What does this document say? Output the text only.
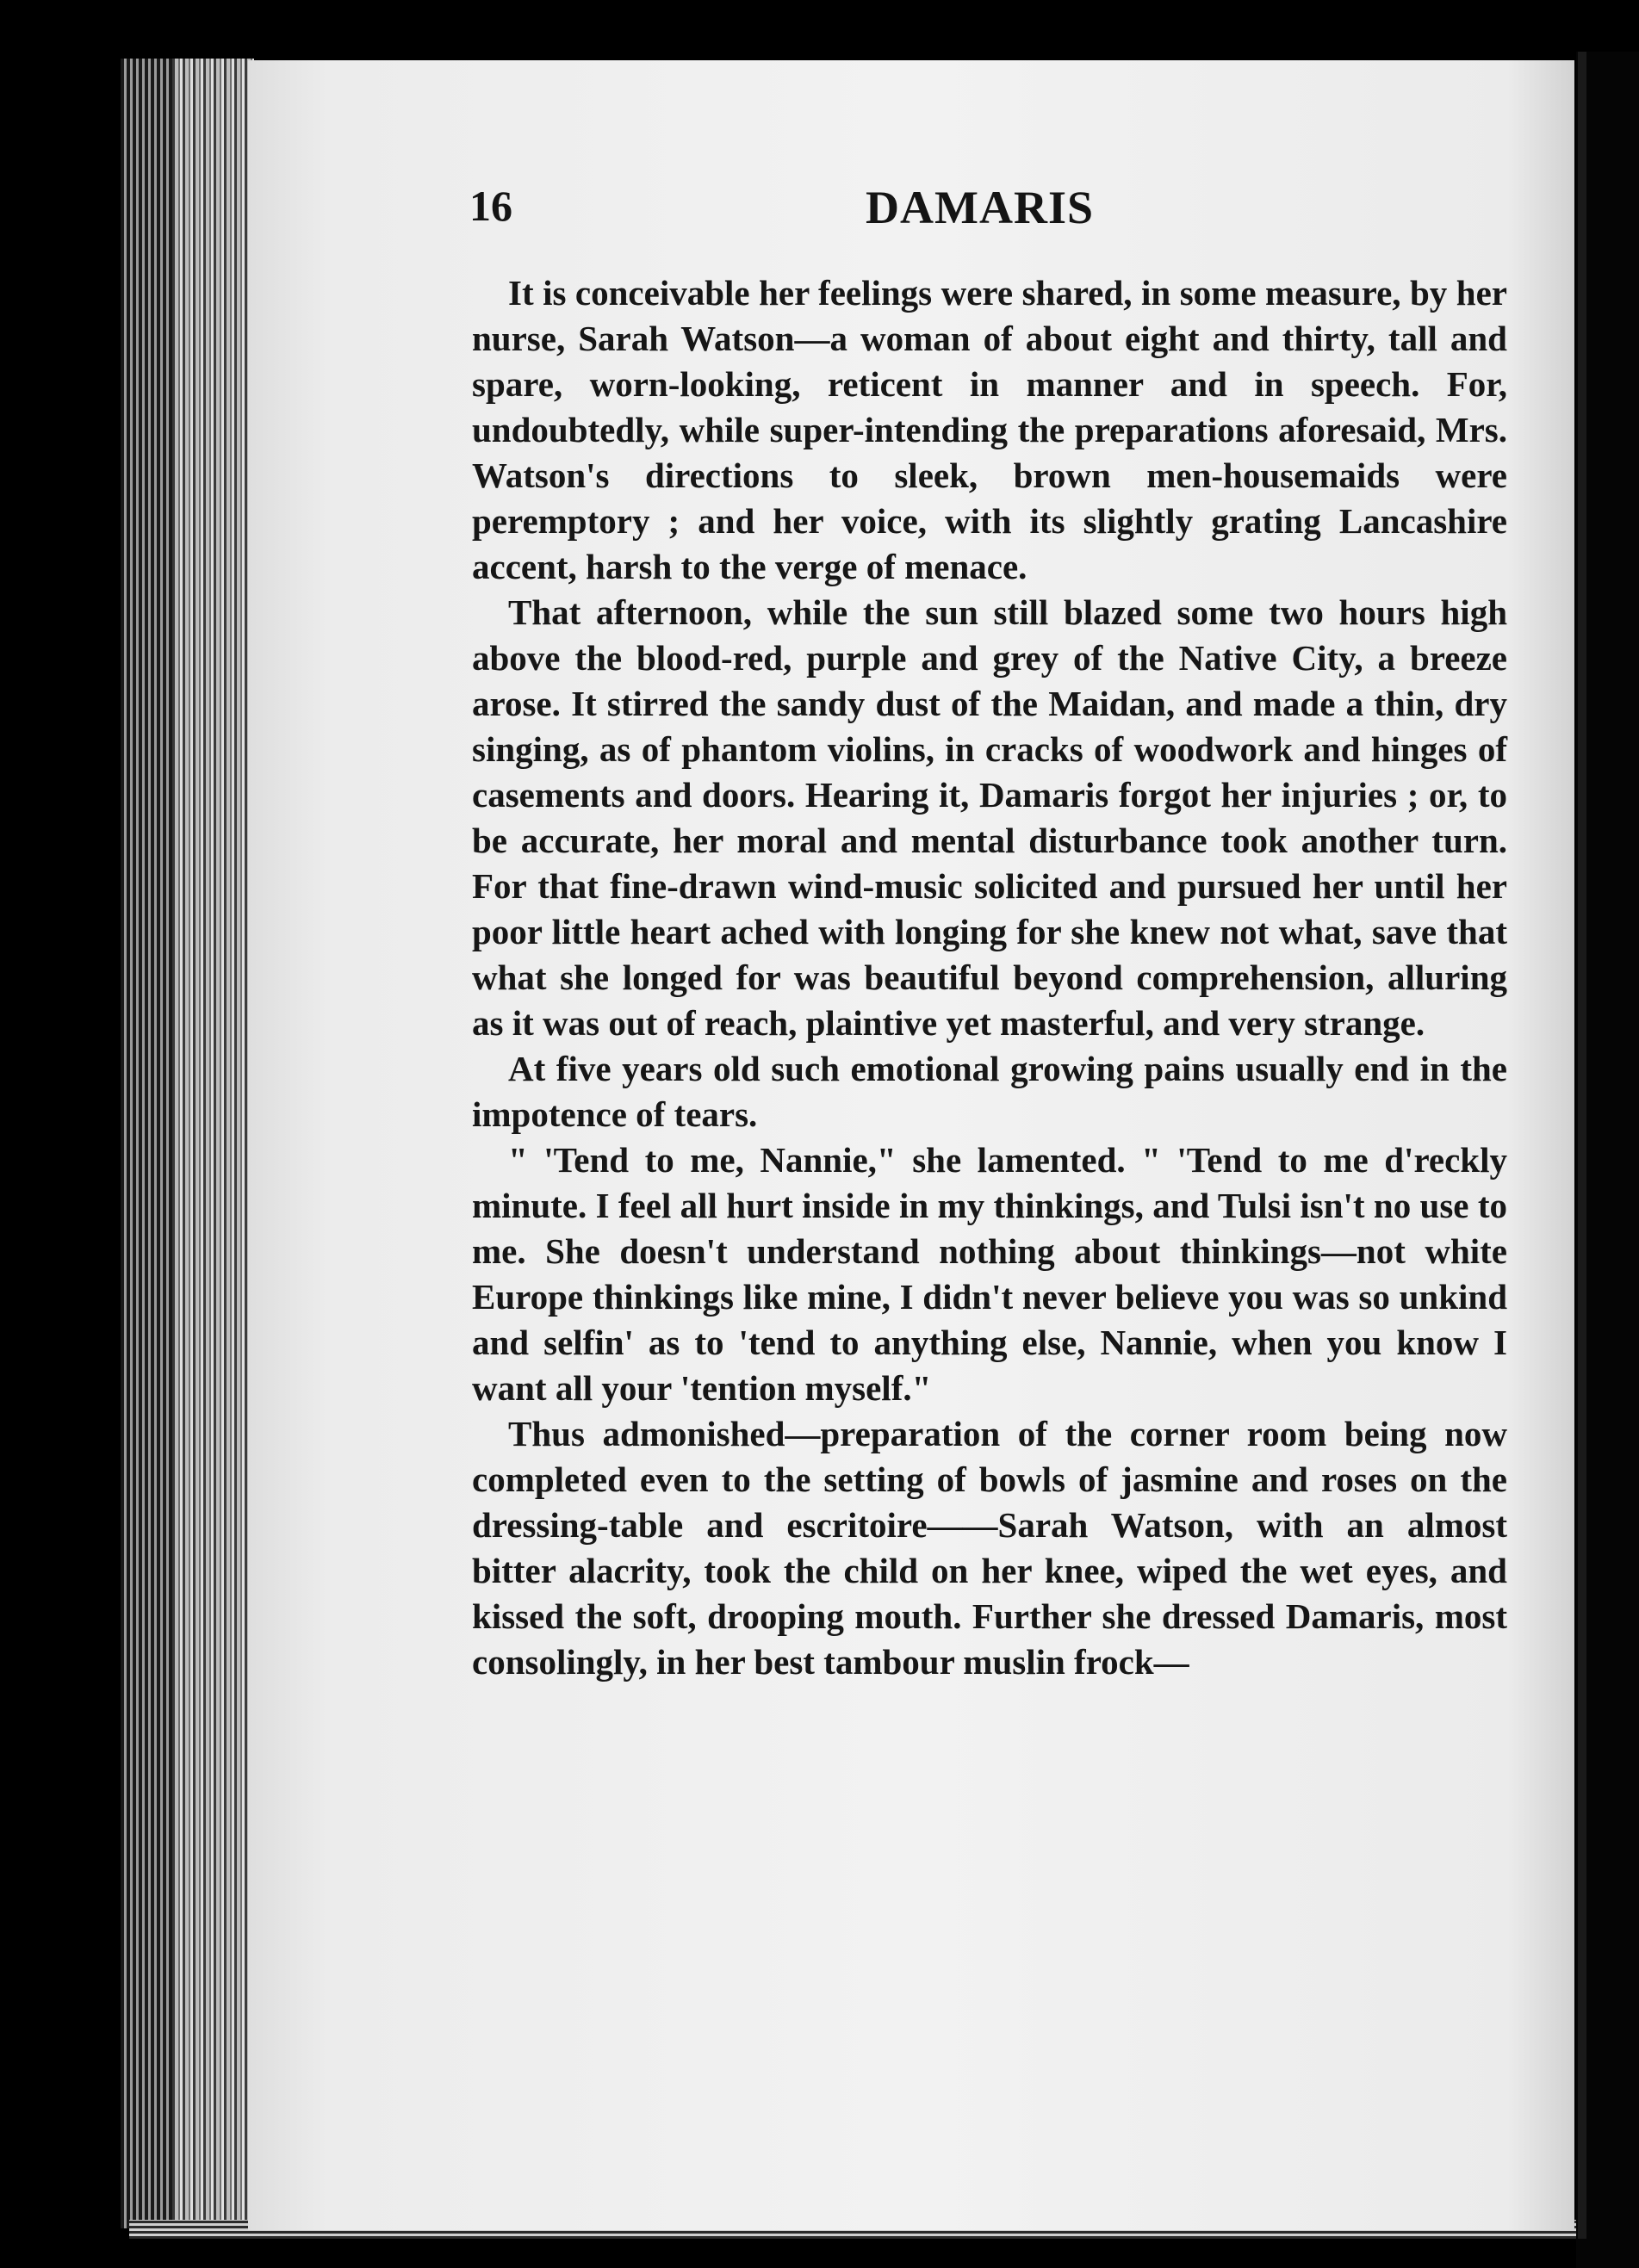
16	DAMARIS

It is conceivable her feelings were shared, in some measure, by her nurse, Sarah Watson—a woman of about eight and thirty, tall and spare, worn-looking, reticent in manner and in speech. For, undoubtedly, while super-intending the preparations aforesaid, Mrs. Watson's directions to sleek, brown men-housemaids were peremptory ; and her voice, with its slightly grating Lancashire accent, harsh to the verge of menace.

That afternoon, while the sun still blazed some two hours high above the blood-red, purple and grey of the Native City, a breeze arose. It stirred the sandy dust of the Maidan, and made a thin, dry singing, as of phantom violins, in cracks of woodwork and hinges of casements and doors. Hearing it, Damaris forgot her injuries ; or, to be accurate, her moral and mental disturbance took another turn. For that fine-drawn wind-music solicited and pursued her until her poor little heart ached with longing for she knew not what, save that what she longed for was beautiful beyond comprehension, alluring as it was out of reach, plaintive yet masterful, and very strange.

At five years old such emotional growing pains usually end in the impotence of tears.

" 'Tend to me, Nannie," she lamented. " 'Tend to me d'reckly minute. I feel all hurt inside in my thinkings, and Tulsi isn't no use to me. She doesn't understand nothing about thinkings—not white Europe thinkings like mine, I didn't never believe you was so unkind and selfin' as to 'tend to anything else, Nannie, when you know I want all your 'tention myself."

Thus admonished—preparation of the corner room being now completed even to the setting of bowls of jasmine and roses on the dressing-table and escritoire——Sarah Watson, with an almost bitter alacrity, took the child on her knee, wiped the wet eyes, and kissed the soft, drooping mouth. Further she dressed Damaris, most consolingly, in her best tambour muslin frock—
